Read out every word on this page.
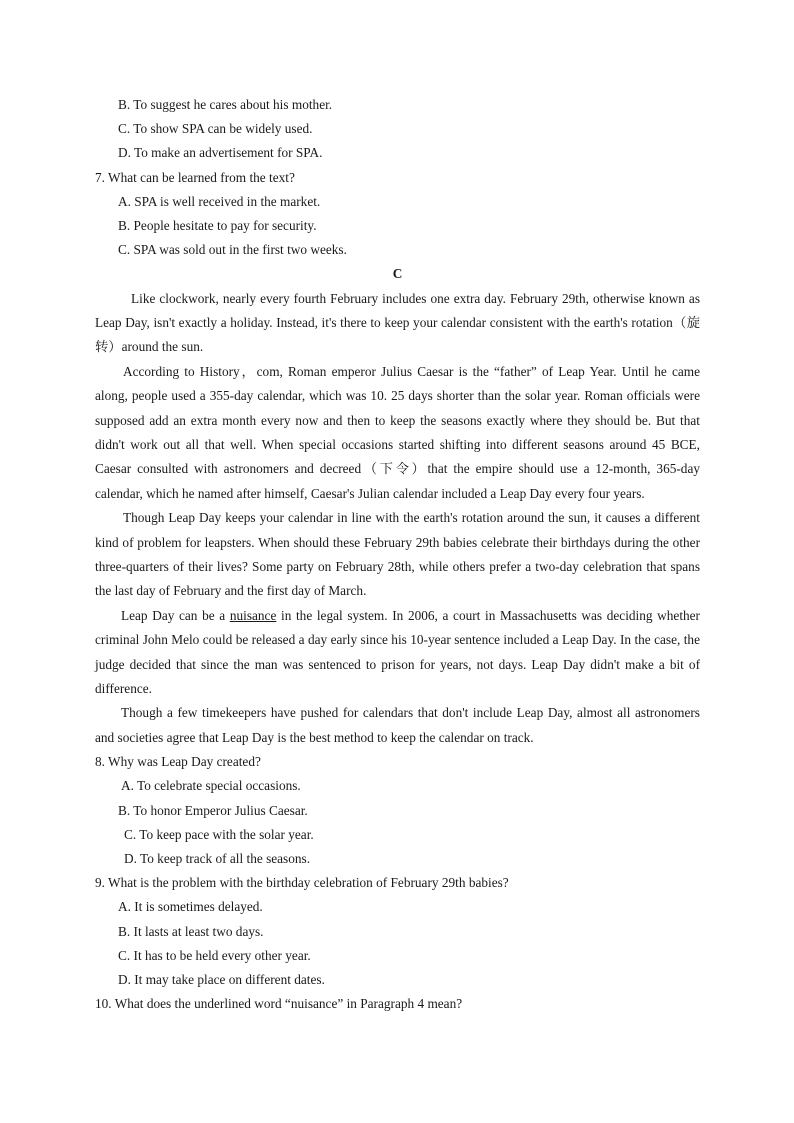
B. To suggest he cares about his mother.
C. To show SPA can be widely used.
D. To make an advertisement for SPA.
7. What can be learned from the text?
A. SPA is well received in the market.
B. People hesitate to pay for security.
C. SPA was sold out in the first two weeks.
C

Like clockwork, nearly every fourth February includes one extra day. February 29th, otherwise known as Leap Day, isn't exactly a holiday. Instead, it's there to keep your calendar consistent with the earth's rotation（旋转）around the sun.

According to History，com, Roman emperor Julius Caesar is the “father” of Leap Year. Until he came along, people used a 355-day calendar, which was 10. 25 days shorter than the solar year. Roman officials were supposed add an extra month every now and then to keep the seasons exactly where they should be. But that didn't work out all that well. When special occasions started shifting into different seasons around 45 BCE, Caesar consulted with astronomers and decreed（下令）that the empire should use a 12-month, 365-day calendar, which he named after himself, Caesar's Julian calendar included a Leap Day every four years.

Though Leap Day keeps your calendar in line with the earth's rotation around the sun, it causes a different kind of problem for leapsters. When should these February 29th babies celebrate their birthdays during the other three-quarters of their lives? Some party on February 28th, while others prefer a two-day celebration that spans the last day of February and the first day of March.

Leap Day can be a nuisance in the legal system. In 2006, a court in Massachusetts was deciding whether criminal John Melo could be released a day early since his 10-year sentence included a Leap Day. In the case, the judge decided that since the man was sentenced to prison for years, not days. Leap Day didn't make a bit of difference.

Though a few timekeepers have pushed for calendars that don't include Leap Day, almost all astronomers and societies agree that Leap Day is the best method to keep the calendar on track.

8. Why was Leap Day created?
A. To celebrate special occasions.
B. To honor Emperor Julius Caesar.
C. To keep pace with the solar year.
D. To keep track of all the seasons.
9. What is the problem with the birthday celebration of February 29th babies?
A. It is sometimes delayed.
B. It lasts at least two days.
C. It has to be held every other year.
D. It may take place on different dates.
10. What does the underlined word “nuisance” in Paragraph 4 mean?
